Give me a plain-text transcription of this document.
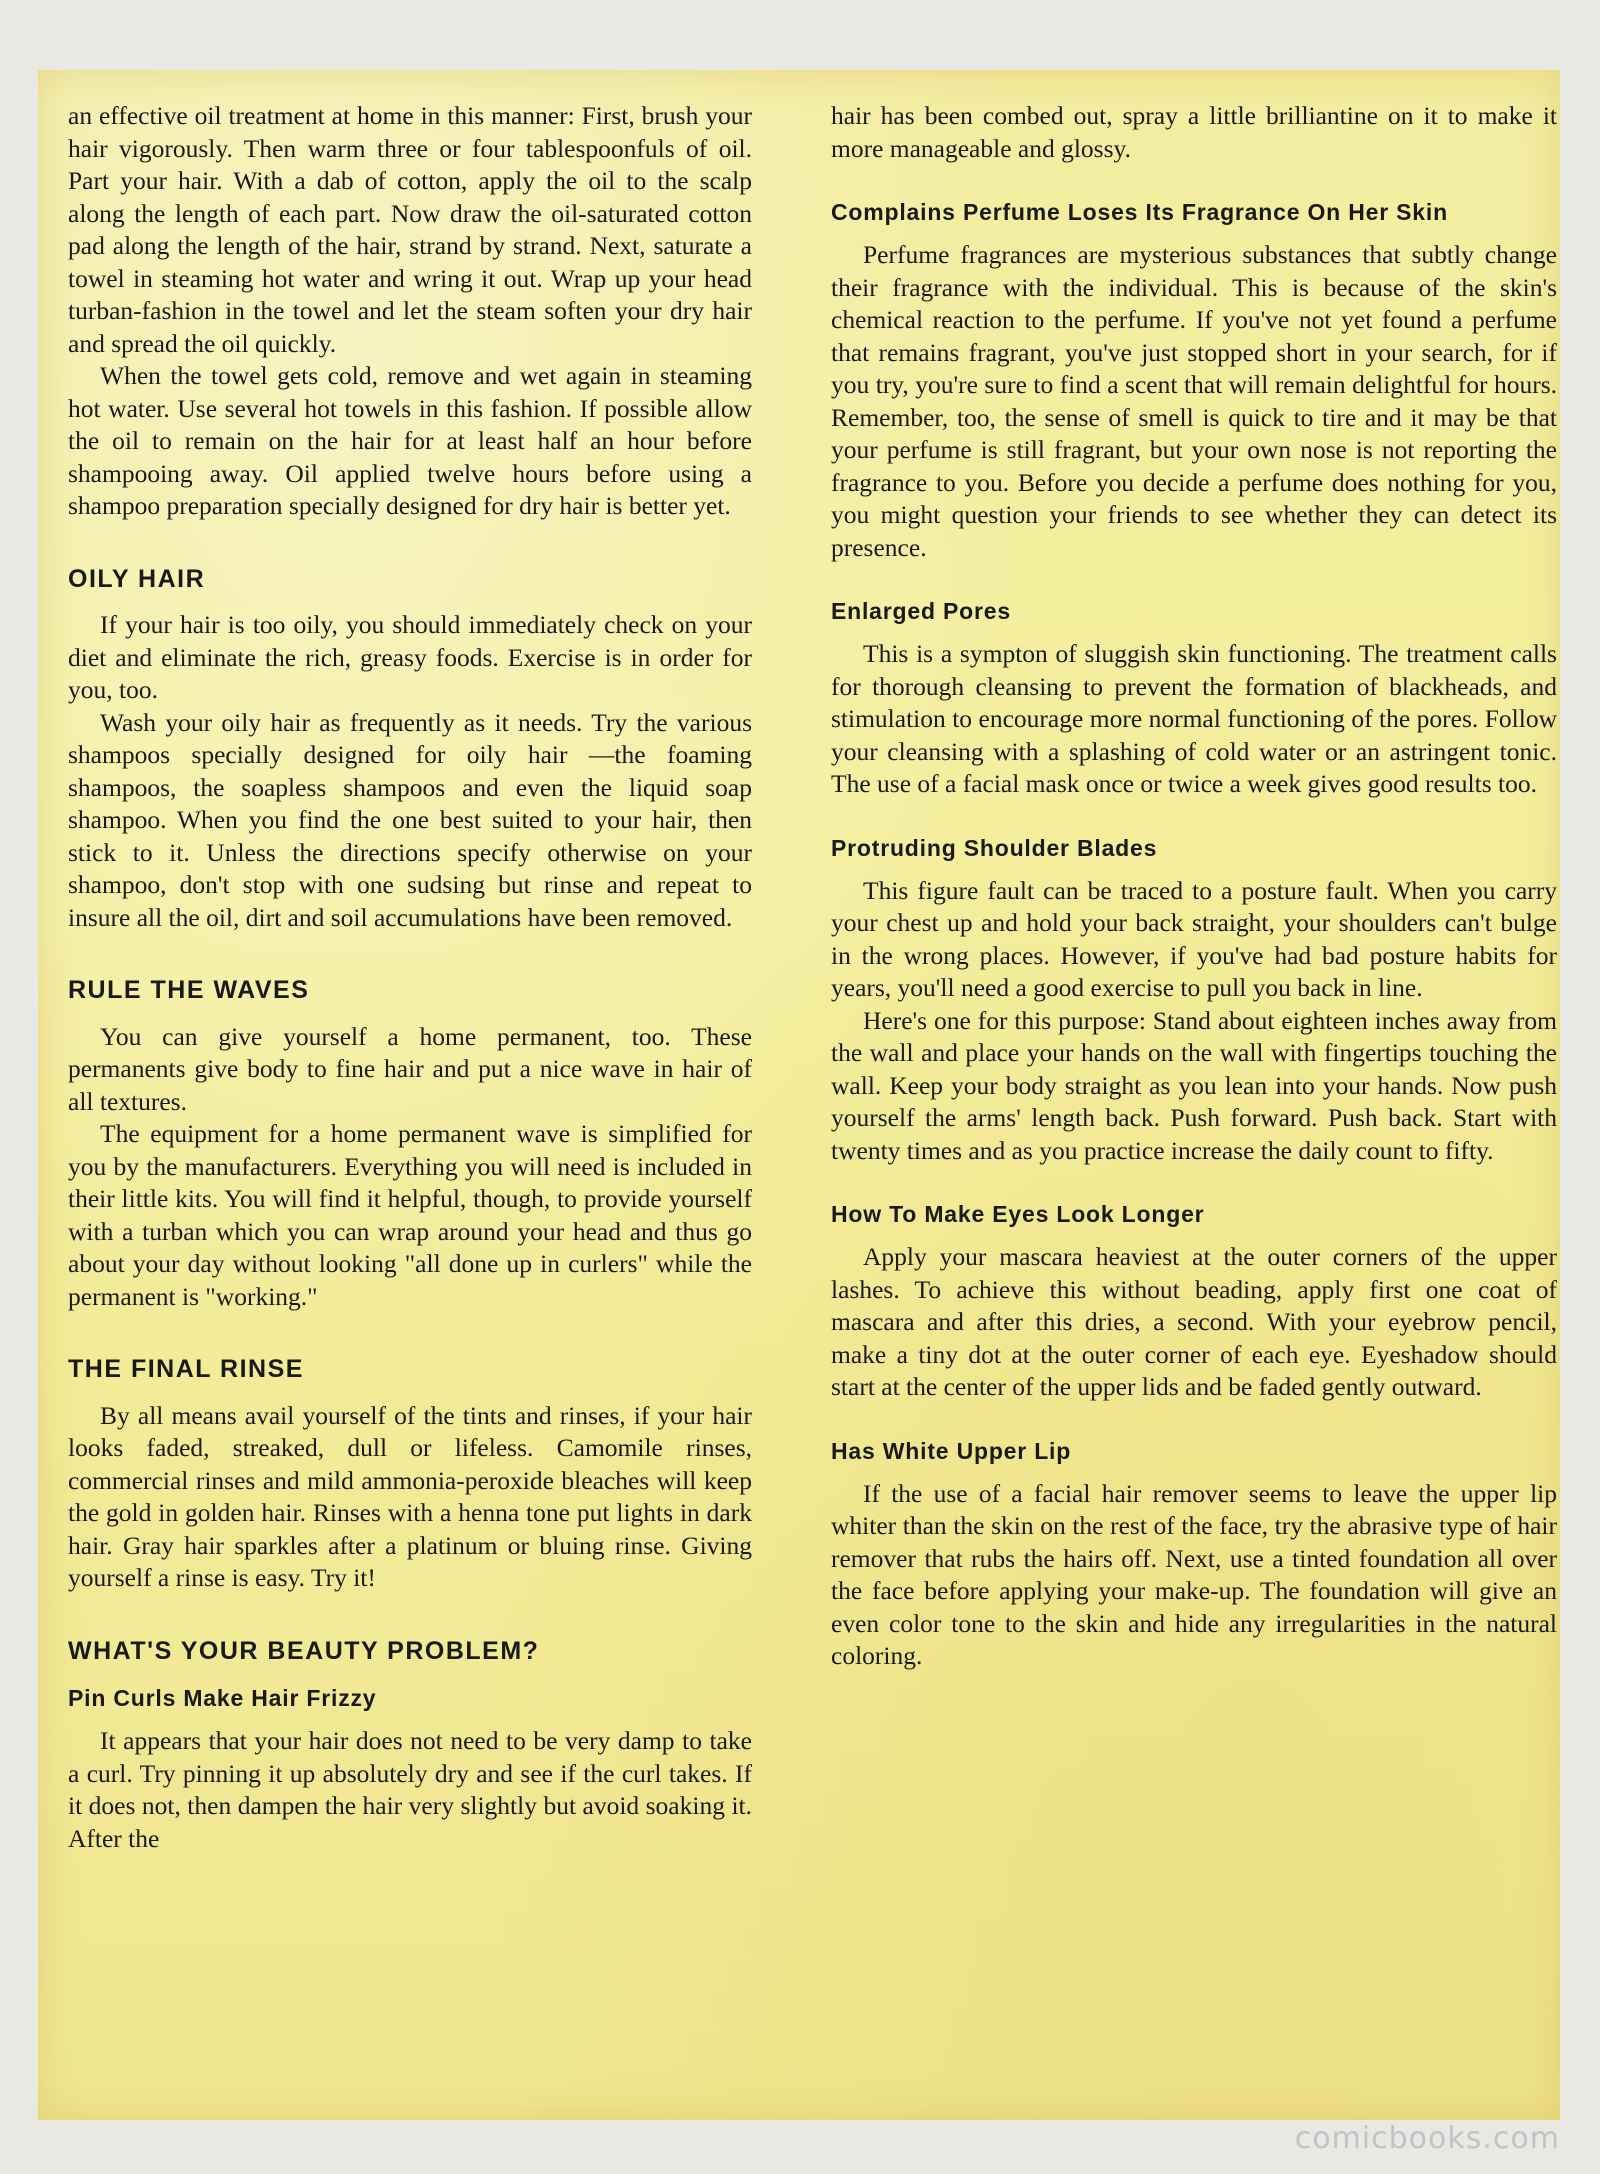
an effective oil treatment at home in this manner: First, brush your hair vigorously. Then warm three or four tablespoonfuls of oil. Part your hair. With a dab of cotton, apply the oil to the scalp along the length of each part. Now draw the oil-saturated cotton pad along the length of the hair, strand by strand. Next, saturate a towel in steaming hot water and wring it out. Wrap up your head turban-fashion in the towel and let the steam soften your dry hair and spread the oil quickly.

When the towel gets cold, remove and wet again in steaming hot water. Use several hot towels in this fashion. If possible allow the oil to remain on the hair for at least half an hour before shampooing away. Oil applied twelve hours before using a shampoo preparation specially designed for dry hair is better yet.

OILY HAIR

If your hair is too oily, you should immediately check on your diet and eliminate the rich, greasy foods. Exercise is in order for you, too.

Wash your oily hair as frequently as it needs. Try the various shampoos specially designed for oily hair —the foaming shampoos, the soapless shampoos and even the liquid soap shampoo. When you find the one best suited to your hair, then stick to it. Unless the directions specify otherwise on your shampoo, don't stop with one sudsing but rinse and repeat to insure all the oil, dirt and soil accumulations have been removed.

RULE THE WAVES

You can give yourself a home permanent, too. These permanents give body to fine hair and put a nice wave in hair of all textures.

The equipment for a home permanent wave is simplified for you by the manufacturers. Everything you will need is included in their little kits. You will find it helpful, though, to provide yourself with a turban which you can wrap around your head and thus go about your day without looking "all done up in curlers" while the permanent is "working."

THE FINAL RINSE

By all means avail yourself of the tints and rinses, if your hair looks faded, streaked, dull or lifeless. Camomile rinses, commercial rinses and mild ammonia-peroxide bleaches will keep the gold in golden hair. Rinses with a henna tone put lights in dark hair. Gray hair sparkles after a platinum or bluing rinse. Giving yourself a rinse is easy. Try it!

WHAT'S YOUR BEAUTY PROBLEM?
Pin Curls Make Hair Frizzy

It appears that your hair does not need to be very damp to take a curl. Try pinning it up absolutely dry and see if the curl takes. If it does not, then dampen the hair very slightly but avoid soaking it. After the

hair has been combed out, spray a little brilliantine on it to make it more manageable and glossy.

Complains Perfume Loses Its Fragrance On Her Skin

Perfume fragrances are mysterious substances that subtly change their fragrance with the individual. This is because of the skin's chemical reaction to the perfume. If you've not yet found a perfume that remains fragrant, you've just stopped short in your search, for if you try, you're sure to find a scent that will remain delightful for hours. Remember, too, the sense of smell is quick to tire and it may be that your perfume is still fragrant, but your own nose is not reporting the fragrance to you. Before you decide a perfume does nothing for you, you might question your friends to see whether they can detect its presence.

Enlarged Pores

This is a sympton of sluggish skin functioning. The treatment calls for thorough cleansing to prevent the formation of blackheads, and stimulation to encourage more normal functioning of the pores. Follow your cleansing with a splashing of cold water or an astringent tonic. The use of a facial mask once or twice a week gives good results too.

Protruding Shoulder Blades

This figure fault can be traced to a posture fault. When you carry your chest up and hold your back straight, your shoulders can't bulge in the wrong places. However, if you've had bad posture habits for years, you'll need a good exercise to pull you back in line.

Here's one for this purpose: Stand about eighteen inches away from the wall and place your hands on the wall with fingertips touching the wall. Keep your body straight as you lean into your hands. Now push yourself the arms' length back. Push forward. Push back. Start with twenty times and as you practice increase the daily count to fifty.

How To Make Eyes Look Longer

Apply your mascara heaviest at the outer corners of the upper lashes. To achieve this without beading, apply first one coat of mascara and after this dries, a second. With your eyebrow pencil, make a tiny dot at the outer corner of each eye. Eyeshadow should start at the center of the upper lids and be faded gently outward.

Has White Upper Lip

If the use of a facial hair remover seems to leave the upper lip whiter than the skin on the rest of the face, try the abrasive type of hair remover that rubs the hairs off. Next, use a tinted foundation all over the face before applying your make-up. The foundation will give an even color tone to the skin and hide any irregularities in the natural coloring.

comicbooks.com
